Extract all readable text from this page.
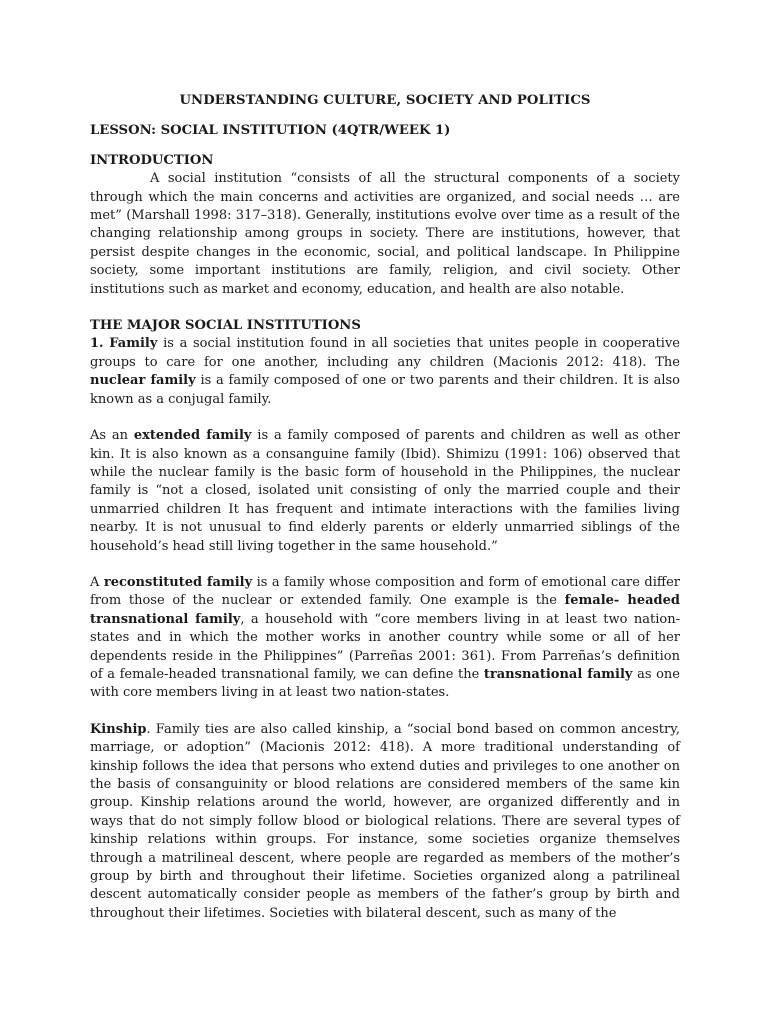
UNDERSTANDING CULTURE, SOCIETY AND POLITICS
LESSON: SOCIAL INSTITUTION (4QTR/WEEK 1)
INTRODUCTION

A social institution “consists of all the structural components of a society through which the main concerns and activities are organized, and social needs … are met” (Marshall 1998: 317–318). Generally, institutions evolve over time as a result of the changing relationship among groups in society. There are institutions, however, that persist despite changes in the economic, social, and political landscape. In Philippine society, some important institutions are family, religion, and civil society. Other institutions such as market and economy, education, and health are also notable.

THE MAJOR SOCIAL INSTITUTIONS

1. Family is a social institution found in all societies that unites people in cooperative groups to care for one another, including any children (Macionis 2012: 418). The nuclear family is a family composed of one or two parents and their children. It is also known as a conjugal family.

As an extended family is a family composed of parents and children as well as other kin. It is also known as a consanguine family (Ibid). Shimizu (1991: 106) observed that while the nuclear family is the basic form of household in the Philippines, the nuclear family is “not a closed, isolated unit consisting of only the married couple and their unmarried children It has frequent and intimate interactions with the families living nearby. It is not unusual to find elderly parents or elderly unmarried siblings of the household’s head still living together in the same household.”

A reconstituted family is a family whose composition and form of emotional care differ from those of the nuclear or extended family. One example is the female- headed transnational family, a household with “core members living in at least two nation-states and in which the mother works in another country while some or all of her dependents reside in the Philippines” (Parreñas 2001: 361). From Parreñas’s definition of a female-headed transnational family, we can define the transnational family as one with core members living in at least two nation-states.

Kinship. Family ties are also called kinship, a “social bond based on common ancestry, marriage, or adoption” (Macionis 2012: 418). A more traditional understanding of kinship follows the idea that persons who extend duties and privileges to one another on the basis of consanguinity or blood relations are considered members of the same kin group. Kinship relations around the world, however, are organized differently and in ways that do not simply follow blood or biological relations. There are several types of kinship relations within groups. For instance, some societies organize themselves through a matrilineal descent, where people are regarded as members of the mother’s group by birth and throughout their lifetime. Societies organized along a patrilineal descent automatically consider people as members of the father’s group by birth and throughout their lifetimes. Societies with bilateral descent, such as many of the
